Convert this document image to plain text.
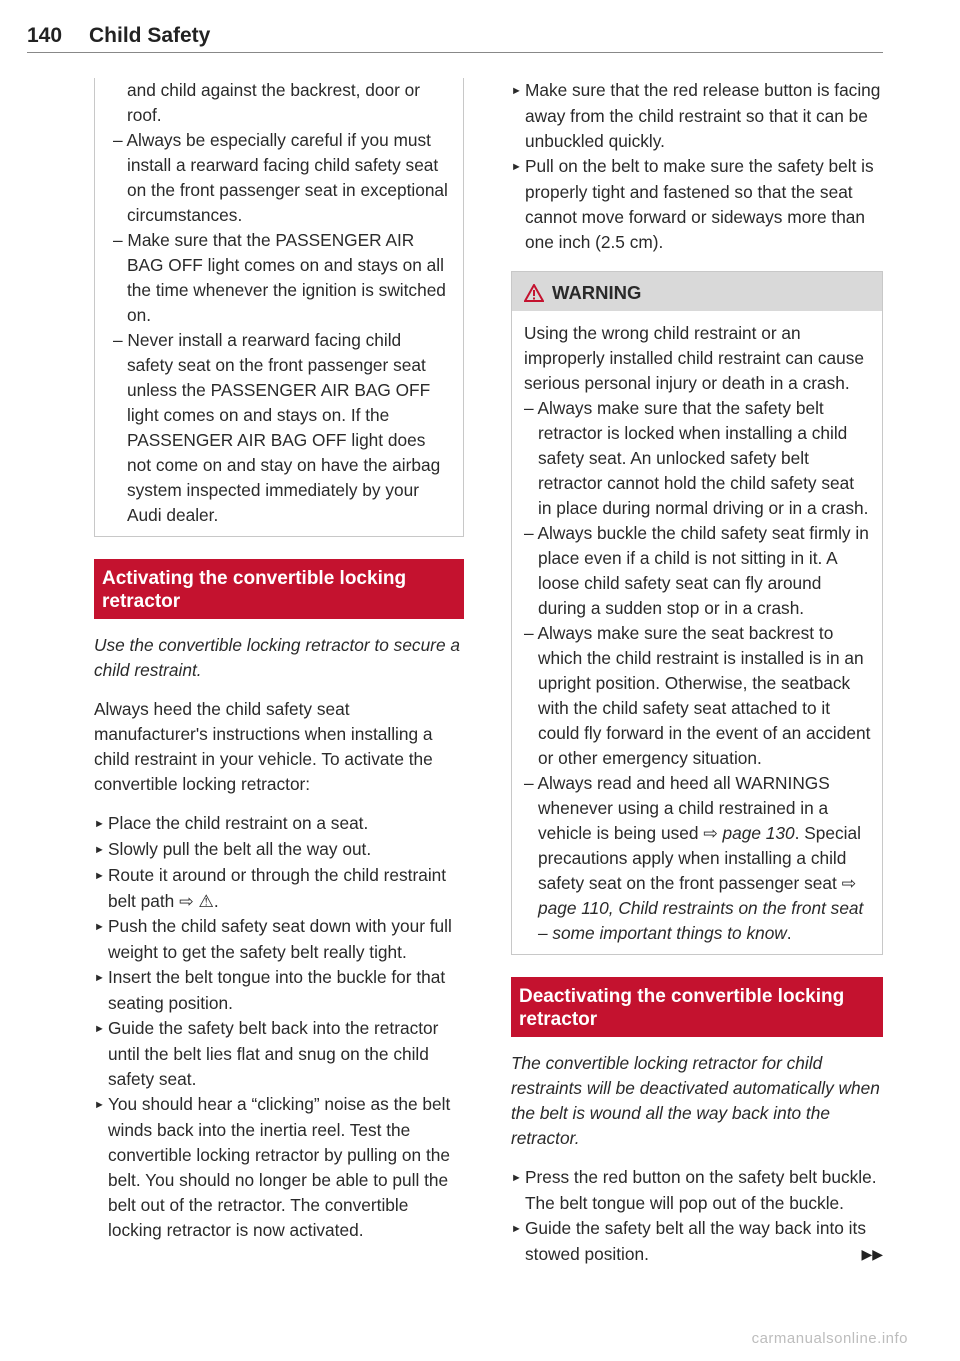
140 Child Safety

and child against the backrest, door or roof.

– Always be especially careful if you must install a rearward facing child safety seat on the front passenger seat in exceptional circumstances.

– Make sure that the PASSENGER AIR BAG OFF light comes on and stays on all the time whenever the ignition is switched on.

– Never install a rearward facing child safety seat on the front passenger seat unless the PASSENGER AIR BAG OFF light comes on and stays on. If the PASSENGER AIR BAG OFF light does not come on and stay on have the airbag system inspected immediately by your Audi dealer.

Activating the convertible locking retractor

Use the convertible locking retractor to secure a child restraint.

Always heed the child safety seat manufacturer's instructions when installing a child restraint in your vehicle. To activate the convertible locking retractor:

► Place the child restraint on a seat.

► Slowly pull the belt all the way out.

► Route it around or through the child restraint belt path ⇨ ⚠.

► Push the child safety seat down with your full weight to get the safety belt really tight.

► Insert the belt tongue into the buckle for that seating position.

► Guide the safety belt back into the retractor until the belt lies flat and snug on the child safety seat.

► You should hear a “clicking” noise as the belt winds back into the inertia reel. Test the convertible locking retractor by pulling on the belt. You should no longer be able to pull the belt out of the retractor. The convertible locking retractor is now activated.

► Make sure that the red release button is facing away from the child restraint so that it can be unbuckled quickly.

► Pull on the belt to make sure the safety belt is properly tight and fastened so that the seat cannot move forward or sideways more than one inch (2.5 cm).

WARNING

Using the wrong child restraint or an improperly installed child restraint can cause serious personal injury or death in a crash.

– Always make sure that the safety belt retractor is locked when installing a child safety seat. An unlocked safety belt retractor cannot hold the child safety seat in place during normal driving or in a crash.

– Always buckle the child safety seat firmly in place even if a child is not sitting in it. A loose child safety seat can fly around during a sudden stop or in a crash.

– Always make sure the seat backrest to which the child restraint is installed is in an upright position. Otherwise, the seatback with the child safety seat attached to it could fly forward in the event of an accident or other emergency situation.

– Always read and heed all WARNINGS whenever using a child restrained in a vehicle is being used ⇨ page 130. Special precautions apply when installing a child safety seat on the front passenger seat ⇨ page 110, Child restraints on the front seat – some important things to know.

Deactivating the convertible locking retractor

The convertible locking retractor for child restraints will be deactivated automatically when the belt is wound all the way back into the retractor.

► Press the red button on the safety belt buckle. The belt tongue will pop out of the buckle.

► Guide the safety belt all the way back into its stowed position.	▶▶
carmanualsonline.info
